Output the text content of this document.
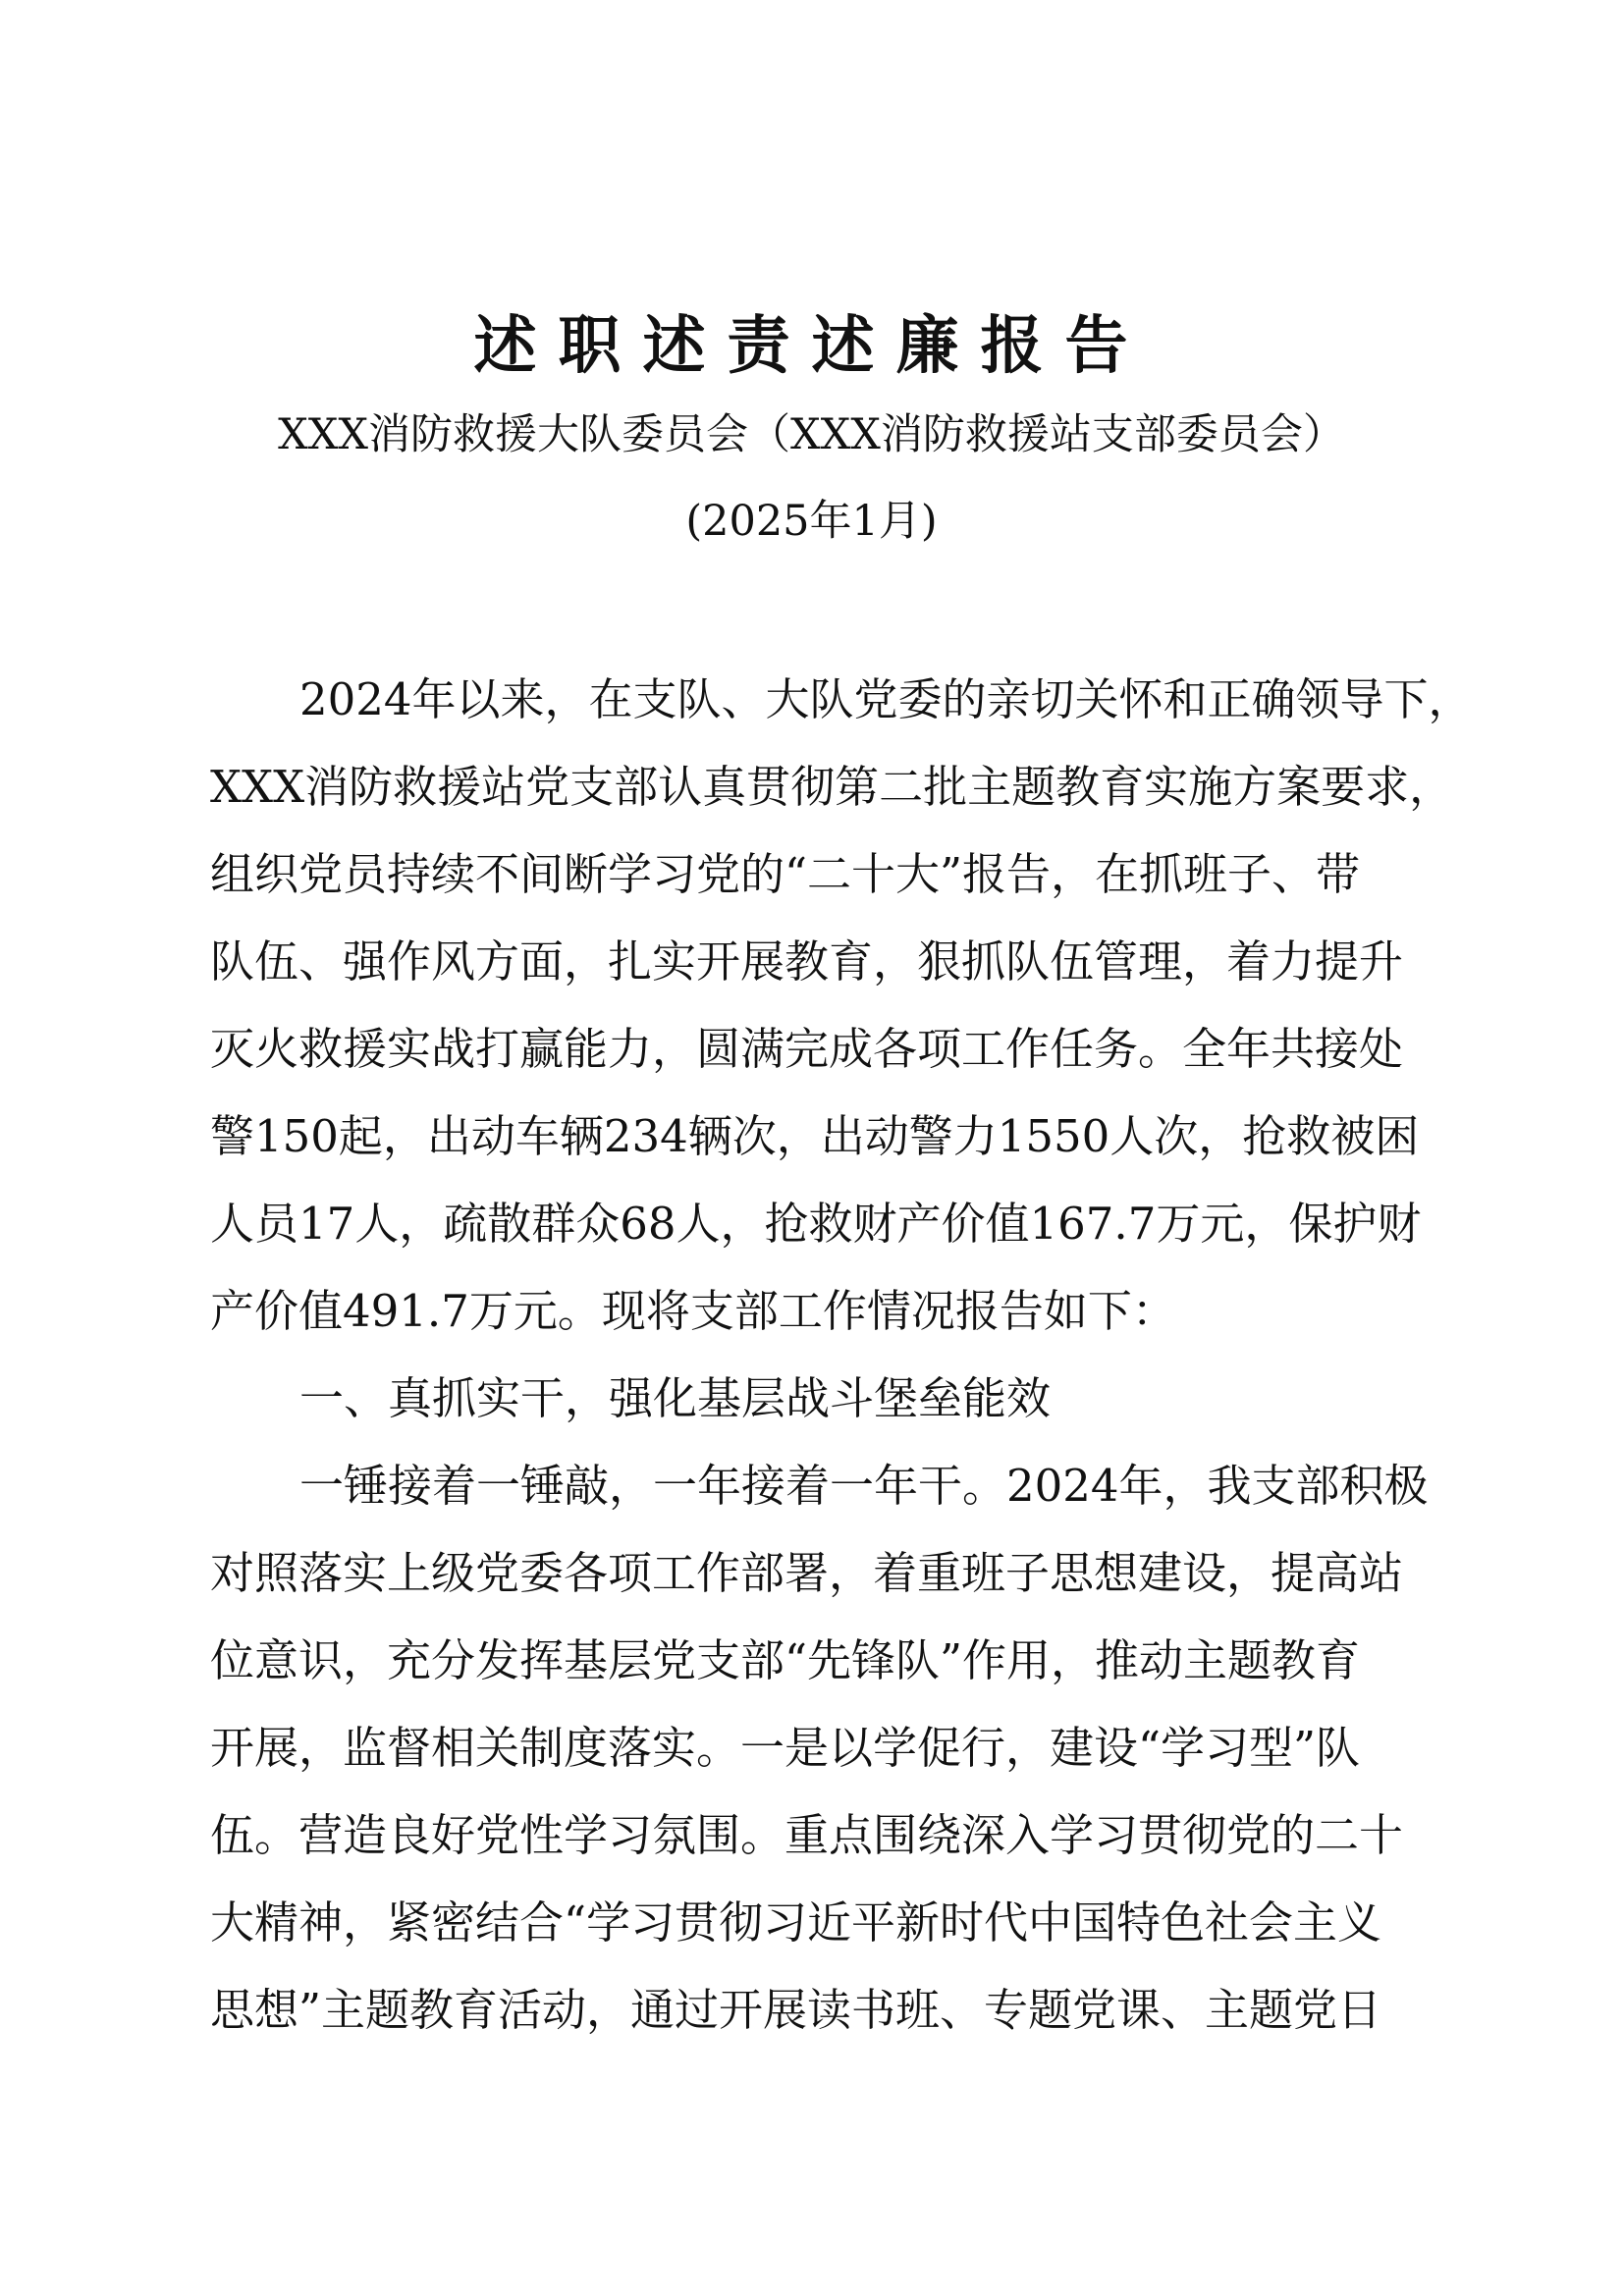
述职述责述廉报告
XXX消防救援大队委员会（XXX消防救援站支部委员会）
(2025年1月)
2024年以来，在支队、大队党委的亲切关怀和正确领导下，
XXX消防救援站党支部认真贯彻第二批主题教育实施方案要求，
组织党员持续不间断学习党的“二十大”报告，在抓班子、带
队伍、强作风方面，扎实开展教育，狠抓队伍管理，着力提升
灭火救援实战打赢能力，圆满完成各项工作任务。全年共接处
警150起，出动车辆234辆次，出动警力1550人次，抢救被困
人员17人，疏散群众68人，抢救财产价值167.7万元，保护财
产价值491.7万元。现将支部工作情况报告如下：
一、真抓实干，强化基层战斗堡垒能效
一锤接着一锤敲，一年接着一年干。2024年，我支部积极
对照落实上级党委各项工作部署，着重班子思想建设，提高站
位意识，充分发挥基层党支部“先锋队”作用，推动主题教育
开展，监督相关制度落实。一是以学促行，建设“学习型”队
伍。营造良好党性学习氛围。重点围绕深入学习贯彻党的二十
大精神，紧密结合“学习贯彻习近平新时代中国特色社会主义
思想”主题教育活动，通过开展读书班、专题党课、主题党日
